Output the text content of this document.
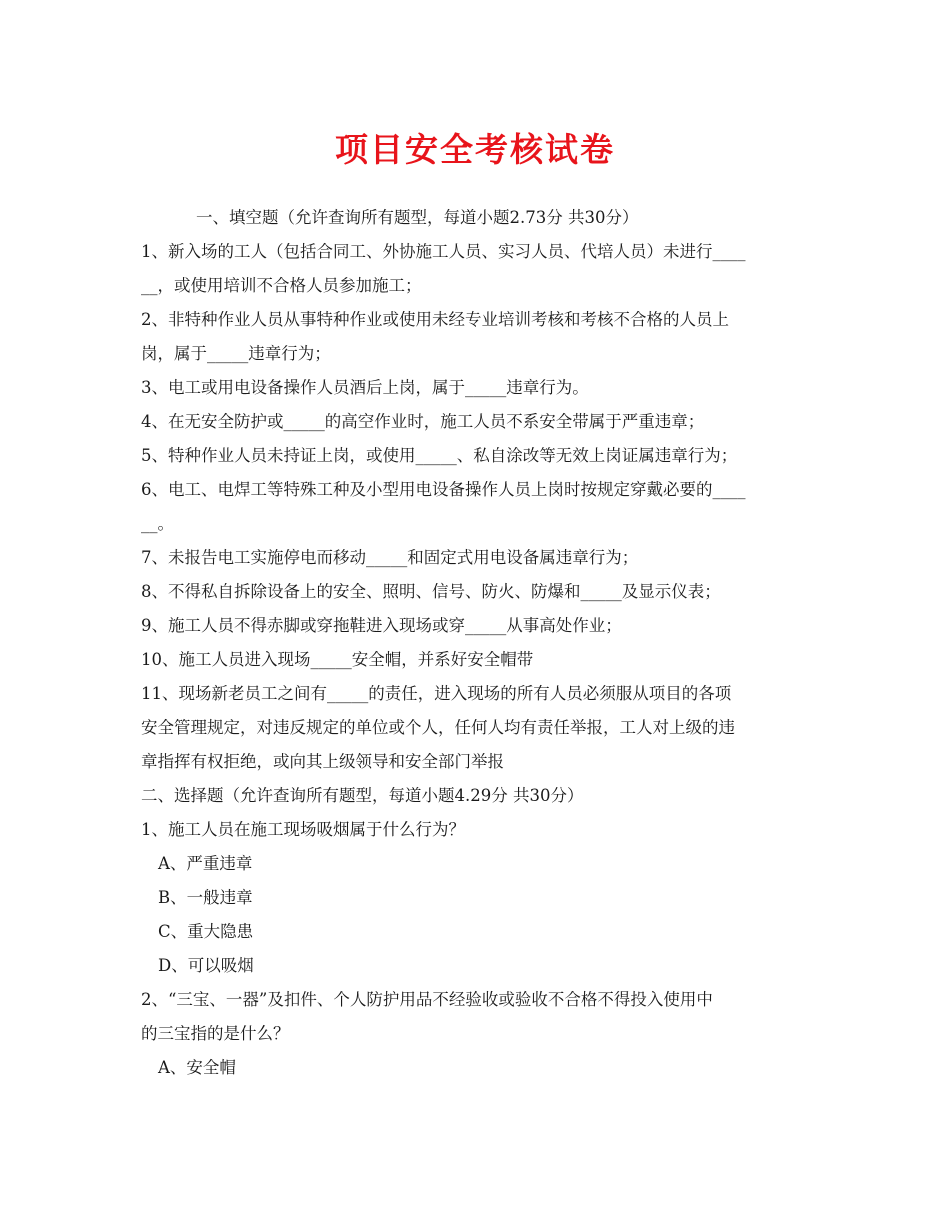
项目安全考核试卷
一、填空题（允许查询所有题型，每道小题2.73分 共30分）
1、新入场的工人（包括合同工、外协施工人员、实习人员、代培人员）未进行____
__，或使用培训不合格人员参加施工；
2、非特种作业人员从事特种作业或使用未经专业培训考核和考核不合格的人员上
岗，属于_____违章行为；
3、电工或用电设备操作人员酒后上岗，属于_____违章行为。
4、在无安全防护或_____的高空作业时，施工人员不系安全带属于严重违章；
5、特种作业人员未持证上岗，或使用_____、私自涂改等无效上岗证属违章行为；
6、电工、电焊工等特殊工种及小型用电设备操作人员上岗时按规定穿戴必要的____
__。
7、未报告电工实施停电而移动_____和固定式用电设备属违章行为；
8、不得私自拆除设备上的安全、照明、信号、防火、防爆和_____及显示仪表；
9、施工人员不得赤脚或穿拖鞋进入现场或穿_____从事高处作业；
10、施工人员进入现场_____安全帽，并系好安全帽带
11、现场新老员工之间有_____的责任，进入现场的所有人员必须服从项目的各项
安全管理规定，对违反规定的单位或个人，任何人均有责任举报，工人对上级的违
章指挥有权拒绝，或向其上级领导和安全部门举报
二、选择题（允许查询所有题型，每道小题4.29分 共30分）
1、施工人员在施工现场吸烟属于什么行为？
A、严重违章
B、一般违章
C、重大隐患
D、可以吸烟
2、“三宝、一器”及扣件、个人防护用品不经验收或验收不合格不得投入使用中
的三宝指的是什么？
A、安全帽
